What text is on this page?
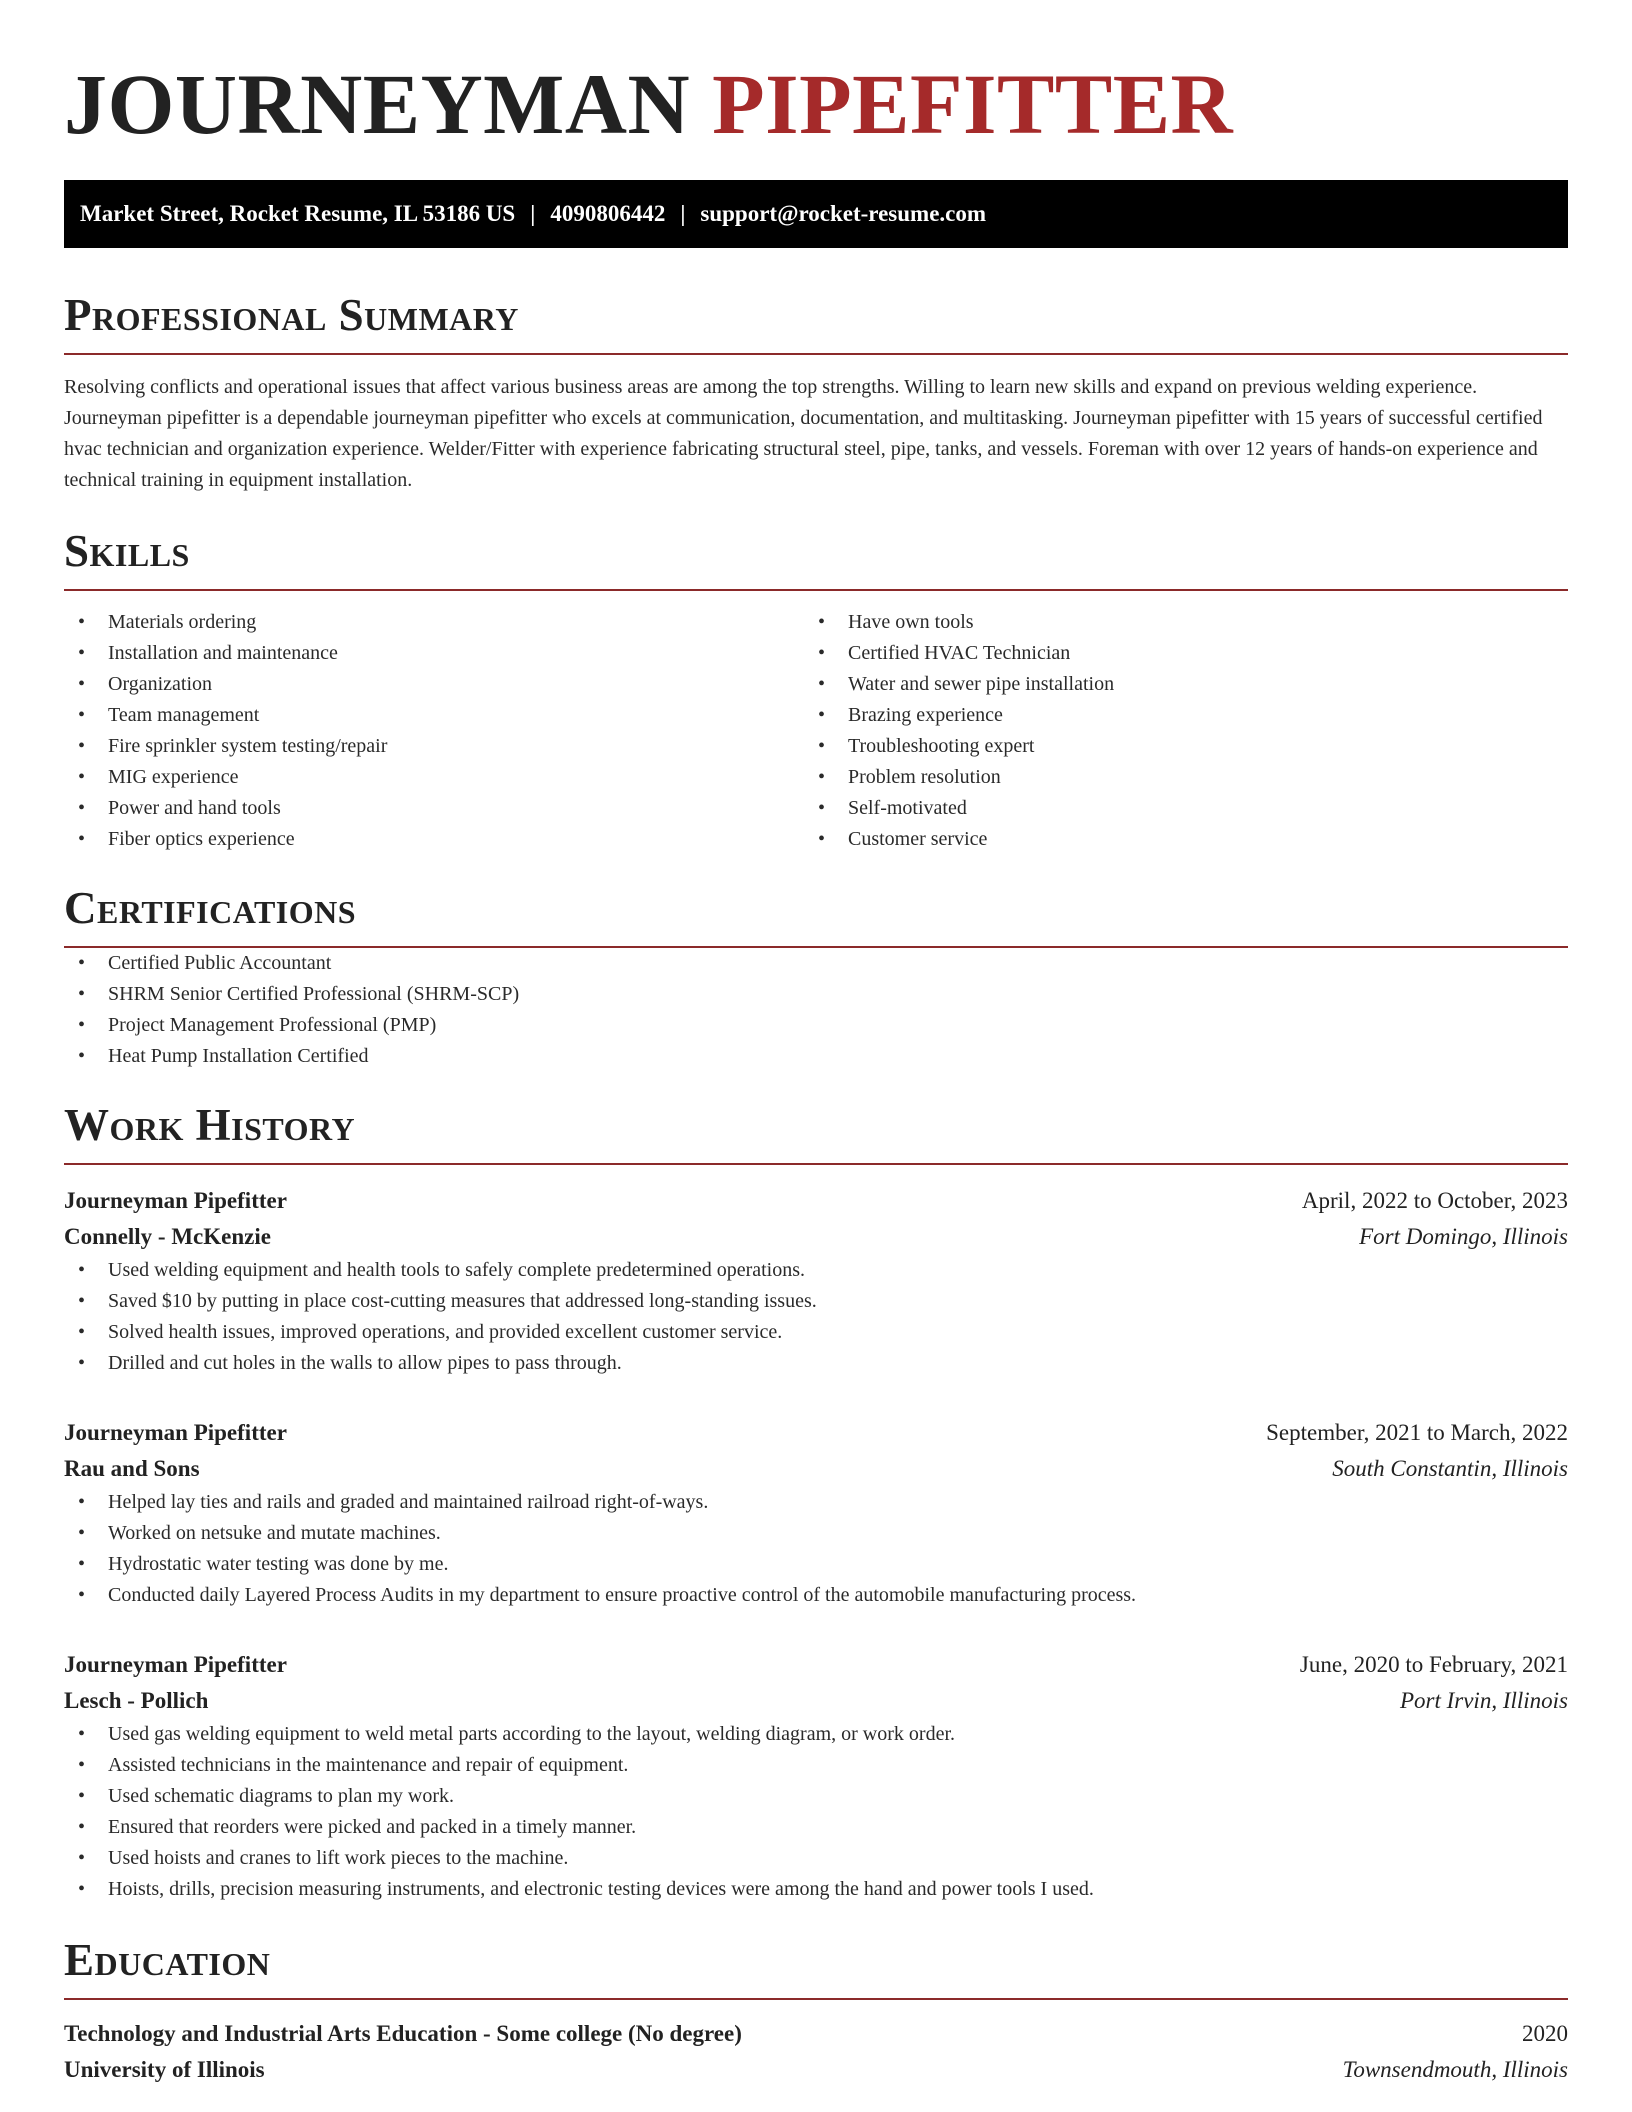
JOURNEYMAN PIPEFITTER
Market Street, Rocket Resume, IL 53186 US | 4090806442 | support@rocket-resume.com
Professional Summary

Resolving conflicts and operational issues that affect various business areas are among the top strengths. Willing to learn new skills and expand on previous welding experience. Journeyman pipefitter is a dependable journeyman pipefitter who excels at communication, documentation, and multitasking. Journeyman pipefitter with 15 years of successful certified hvac technician and organization experience. Welder/Fitter with experience fabricating structural steel, pipe, tanks, and vessels. Foreman with over 12 years of hands-on experience and technical training in equipment installation.

Skills
• Materials ordering
• Installation and maintenance
• Organization
• Team management
• Fire sprinkler system testing/repair
• MIG experience
• Power and hand tools
• Fiber optics experience
• Have own tools
• Certified HVAC Technician
• Water and sewer pipe installation
• Brazing experience
• Troubleshooting expert
• Problem resolution
• Self-motivated
• Customer service
Certifications
• Certified Public Accountant
• SHRM Senior Certified Professional (SHRM-SCP)
• Project Management Professional (PMP)
• Heat Pump Installation Certified
Work History
Journeyman Pipefitter	April, 2022 to October, 2023
Connelly - McKenzie	Fort Domingo, Illinois
• Used welding equipment and health tools to safely complete predetermined operations.
• Saved $10 by putting in place cost-cutting measures that addressed long-standing issues.
• Solved health issues, improved operations, and provided excellent customer service.
• Drilled and cut holes in the walls to allow pipes to pass through.
Journeyman Pipefitter	September, 2021 to March, 2022
Rau and Sons	South Constantin, Illinois
• Helped lay ties and rails and graded and maintained railroad right-of-ways.
• Worked on netsuke and mutate machines.
• Hydrostatic water testing was done by me.
• Conducted daily Layered Process Audits in my department to ensure proactive control of the automobile manufacturing process.
Journeyman Pipefitter	June, 2020 to February, 2021
Lesch - Pollich	Port Irvin, Illinois
• Used gas welding equipment to weld metal parts according to the layout, welding diagram, or work order.
• Assisted technicians in the maintenance and repair of equipment.
• Used schematic diagrams to plan my work.
• Ensured that reorders were picked and packed in a timely manner.
• Used hoists and cranes to lift work pieces to the machine.
• Hoists, drills, precision measuring instruments, and electronic testing devices were among the hand and power tools I used.
Education
Technology and Industrial Arts Education - Some college (No degree)	2020
University of Illinois	Townsendmouth, Illinois
